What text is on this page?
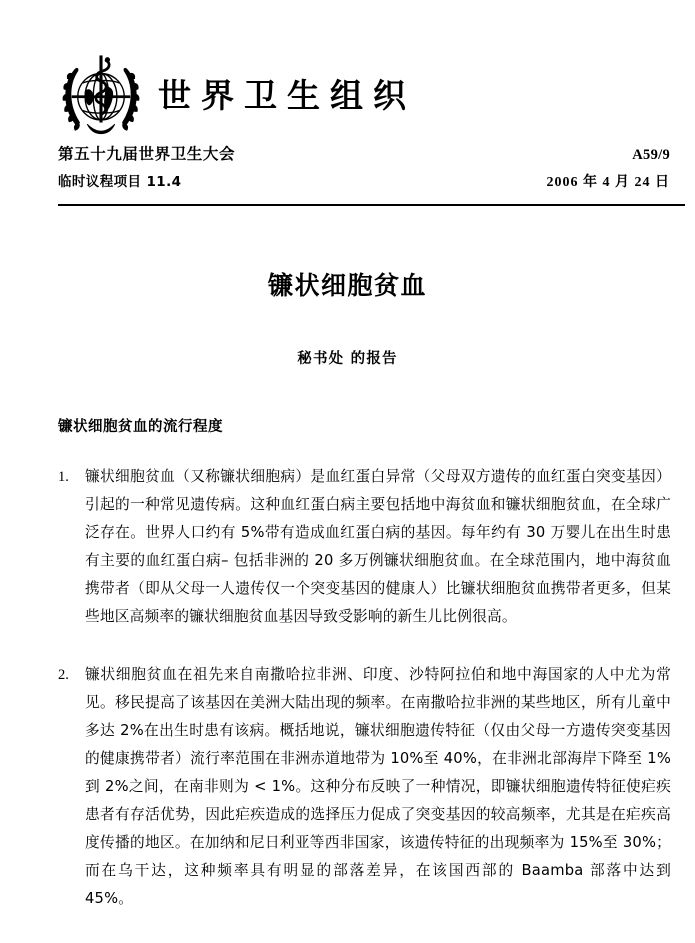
世界卫生组织
第五十九届世界卫生大会	A59/9
临时议程项目 11.4	2006 年 4 月 24 日
镰状细胞贫血
秘书处 的报告
镰状细胞贫血的流行程度
1.	镰状细胞贫血（又称镰状细胞病）是血红蛋白异常（父母双方遗传的血红蛋白突变基因）引起的一种常见遗传病。这种血红蛋白病主要包括地中海贫血和镰状细胞贫血，在全球广泛存在。世界人口约有 5%带有造成血红蛋白病的基因。每年约有 30 万婴儿在出生时患有主要的血红蛋白病– 包括非洲的 20 多万例镰状细胞贫血。在全球范围内，地中海贫血携带者（即从父母一人遗传仅一个突变基因的健康人）比镰状细胞贫血携带者更多，但某些地区高频率的镰状细胞贫血基因导致受影响的新生儿比例很高。
2.	镰状细胞贫血在祖先来自南撒哈拉非洲、印度、沙特阿拉伯和地中海国家的人中尤为常见。移民提高了该基因在美洲大陆出现的频率。在南撒哈拉非洲的某些地区，所有儿童中多达 2%在出生时患有该病。概括地说，镰状细胞遗传特征（仅由父母一方遗传突变基因的健康携带者）流行率范围在非洲赤道地带为 10%至 40%，在非洲北部海岸下降至 1%到 2%之间，在南非则为 < 1%。这种分布反映了一种情况，即镰状细胞遗传特征使疟疾患者有存活优势，因此疟疾造成的选择压力促成了突变基因的较高频率，尤其是在疟疾高度传播的地区。在加纳和尼日利亚等西非国家，该遗传特征的出现频率为 15%至 30%；而在乌干达，这种频率具有明显的部落差异，在该国西部的 Baamba 部落中达到 45%。
